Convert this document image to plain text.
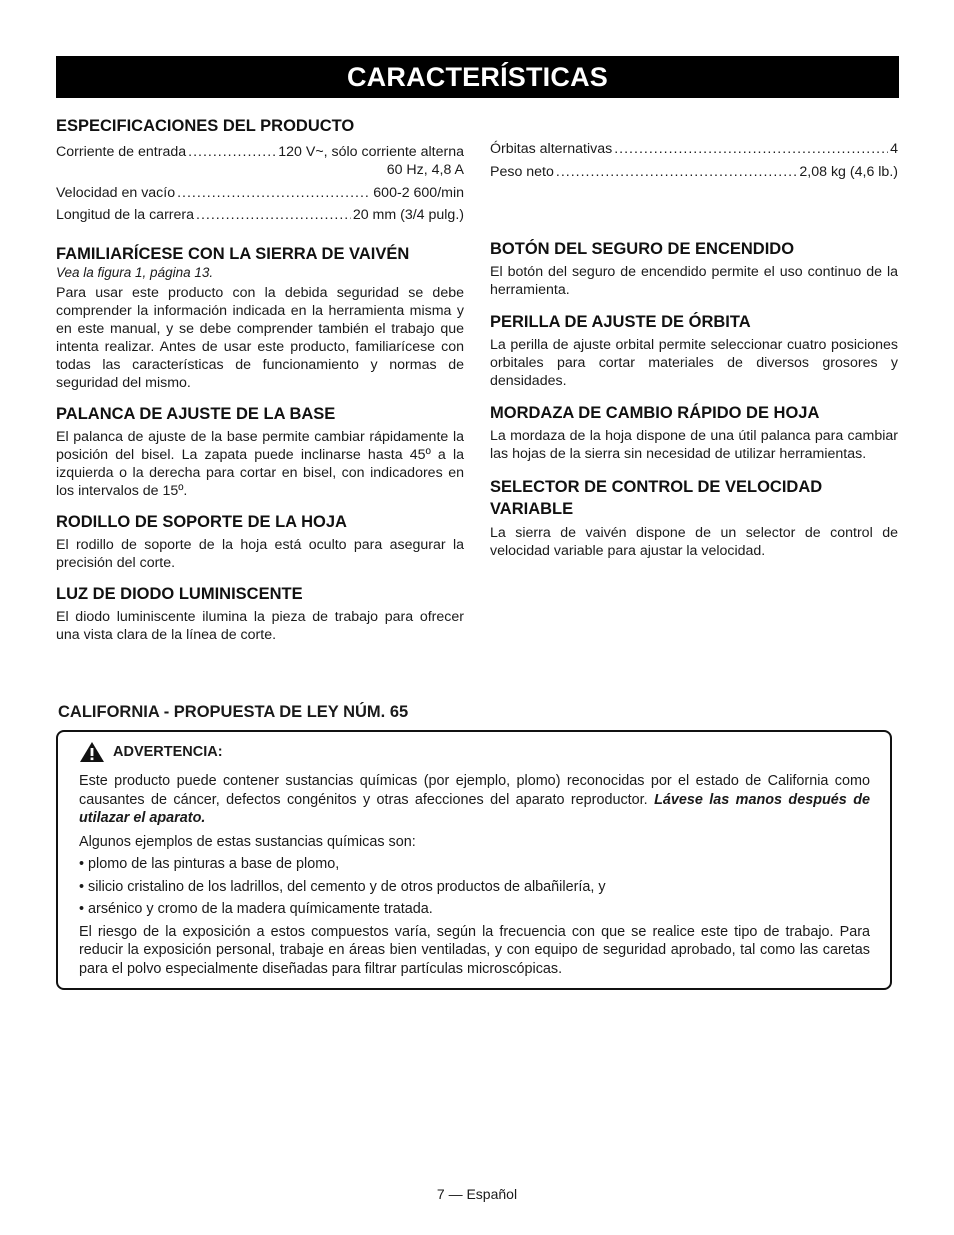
CARACTERÍSTICAS
ESPECIFICACIONES DEL PRODUCTO
Corriente de entrada .....	120 V~, sólo corriente alterna
60 Hz, 4,8 A
Velocidad en vacío .....	600-2 600/min
Longitud de la carrera .....	20 mm (3/4 pulg.)
FAMILIARÍCESE CON LA SIERRA DE VAIVÉN
Vea la figura 1, página 13.

Para usar este producto con la debida seguridad se debe comprender la información indicada en la herramienta misma y en este manual, y se debe comprender también el trabajo que intenta realizar. Antes de usar este producto, familiarícese con todas las características de funcionamiento y normas de seguridad del mismo.

PALANCA DE AJUSTE DE LA BASE

El palanca de ajuste de la base permite cambiar rápidamente la posición del bisel. La zapata puede inclinarse hasta 45º a la izquierda o la derecha para cortar en bisel, con indicadores en los intervalos de 15º.

RODILLO DE SOPORTE DE LA HOJA

El rodillo de soporte de la hoja está oculto para asegurar la precisión del corte.

LUZ DE DIODO LUMINISCENTE

El diodo luminiscente ilumina la pieza de trabajo para ofrecer una vista clara de la línea de corte.

Órbitas alternativas .....	4
Peso neto .....	2,08 kg (4,6 lb.)
BOTÓN DEL SEGURO DE ENCENDIDO

El botón del seguro de encendido permite el uso continuo de la herramienta.

PERILLA DE AJUSTE DE ÓRBITA

La perilla de ajuste orbital permite seleccionar cuatro posiciones orbitales para cortar materiales de diversos grosores y densidades.

MORDAZA DE CAMBIO RÁPIDO DE HOJA

La mordaza de la hoja dispone de una útil palanca para cambiar las hojas de la sierra sin necesidad de utilizar herramientas.

SELECTOR DE CONTROL DE VELOCIDAD VARIABLE

La sierra de vaivén dispone de un selector de control de velocidad variable para ajustar la velocidad.

CALIFORNIA - PROPUESTA DE LEY NÚM. 65
ADVERTENCIA:

Este producto puede contener sustancias químicas (por ejemplo, plomo) reconocidas por el estado de California como causantes de cáncer, defectos congénitos y otras afecciones del aparato reproductor. Lávese las manos después de utilazar el aparato.

Algunos ejemplos de estas sustancias químicas son:

• plomo de las pinturas a base de plomo,

• silicio cristalino de los ladrillos, del cemento y de otros productos de albañilería, y

• arsénico y cromo de la madera químicamente tratada.

El riesgo de la exposición a estos compuestos varía, según la frecuencia con que se realice este tipo de trabajo. Para reducir la exposición personal, trabaje en áreas bien ventiladas, y con equipo de seguridad aprobado, tal como las caretas para el polvo especialmente diseñadas para filtrar partículas microscópicas.

7 — Español
